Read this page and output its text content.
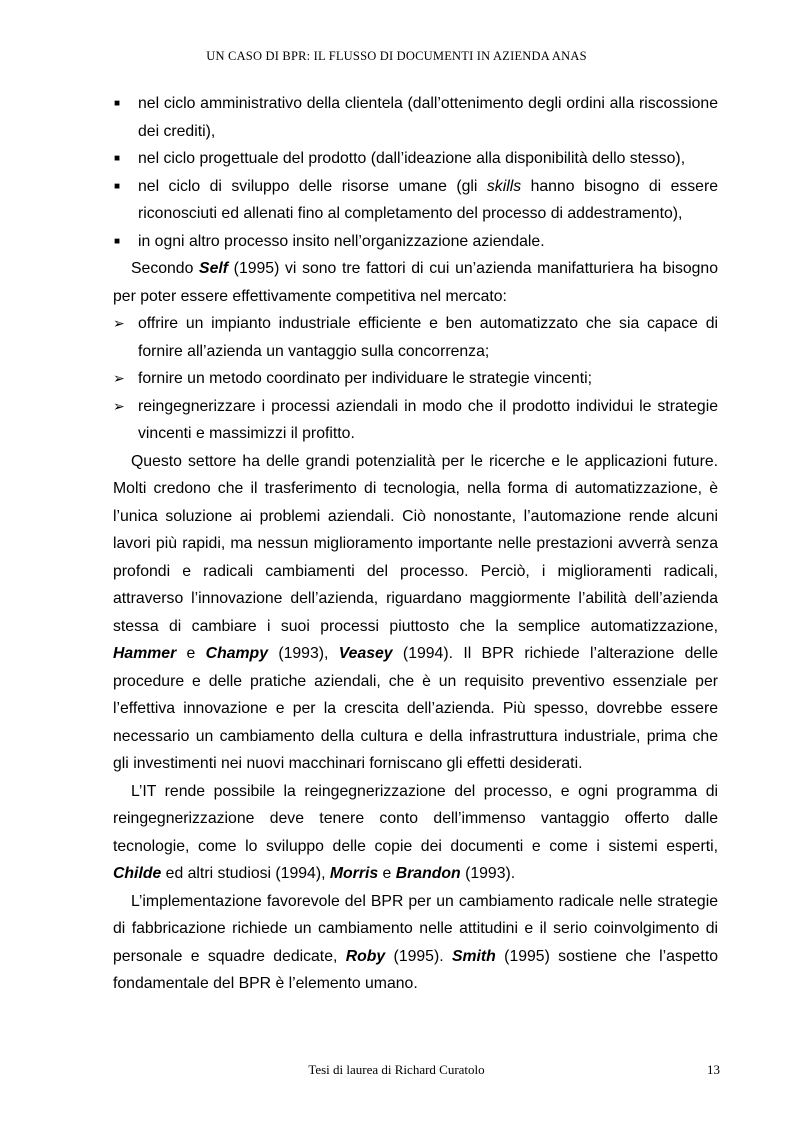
UN CASO DI BPR: IL FLUSSO DI DOCUMENTI IN AZIENDA ANAS
■ nel ciclo amministrativo della clientela (dall’ottenimento degli ordini alla riscossione dei crediti),
■ nel ciclo progettuale del prodotto (dall’ideazione alla disponibilità dello stesso),
■ nel ciclo di sviluppo delle risorse umane (gli skills hanno bisogno di essere riconosciuti ed allenati fino al completamento del processo di addestramento),
■ in ogni altro processo insito nell’organizzazione aziendale.

Secondo Self (1995) vi sono tre fattori di cui un’azienda manifatturiera ha bisogno per poter essere effettivamente competitiva nel mercato:

➢ offrire un impianto industriale efficiente e ben automatizzato che sia capace di fornire all’azienda un vantaggio sulla concorrenza;
➢ fornire un metodo coordinato per individuare le strategie vincenti;
➢ reingegnerizzare i processi aziendali in modo che il prodotto individui le strategie vincenti e massimizzi il profitto.

Questo settore ha delle grandi potenzialità per le ricerche e le applicazioni future. Molti credono che il trasferimento di tecnologia, nella forma di automatizzazione, è l’unica soluzione ai problemi aziendali. Ciò nonostante, l’automazione rende alcuni lavori più rapidi, ma nessun miglioramento importante nelle prestazioni avverrà senza profondi e radicali cambiamenti del processo. Perciò, i miglioramenti radicali, attraverso l’innovazione dell’azienda, riguardano maggiormente l’abilità dell’azienda stessa di cambiare i suoi processi piuttosto che la semplice automatizzazione, Hammer e Champy (1993), Veasey (1994). Il BPR richiede l’alterazione delle procedure e delle pratiche aziendali, che è un requisito preventivo essenziale per l’effettiva innovazione e per la crescita dell’azienda. Più spesso, dovrebbe essere necessario un cambiamento della cultura e della infrastruttura industriale, prima che gli investimenti nei nuovi macchinari forniscano gli effetti desiderati.

L’IT rende possibile la reingegnerizzazione del processo, e ogni programma di reingegnerizzazione deve tenere conto dell’immenso vantaggio offerto dalle tecnologie, come lo sviluppo delle copie dei documenti e come i sistemi esperti, Childe ed altri studiosi (1994), Morris e Brandon (1993).

L’implementazione favorevole del BPR per un cambiamento radicale nelle strategie di fabbricazione richiede un cambiamento nelle attitudini e il serio coinvolgimento di personale e squadre dedicate, Roby (1995). Smith (1995) sostiene che l’aspetto fondamentale del BPR è l’elemento umano.

Tesi di laurea di Richard Curatolo	13
